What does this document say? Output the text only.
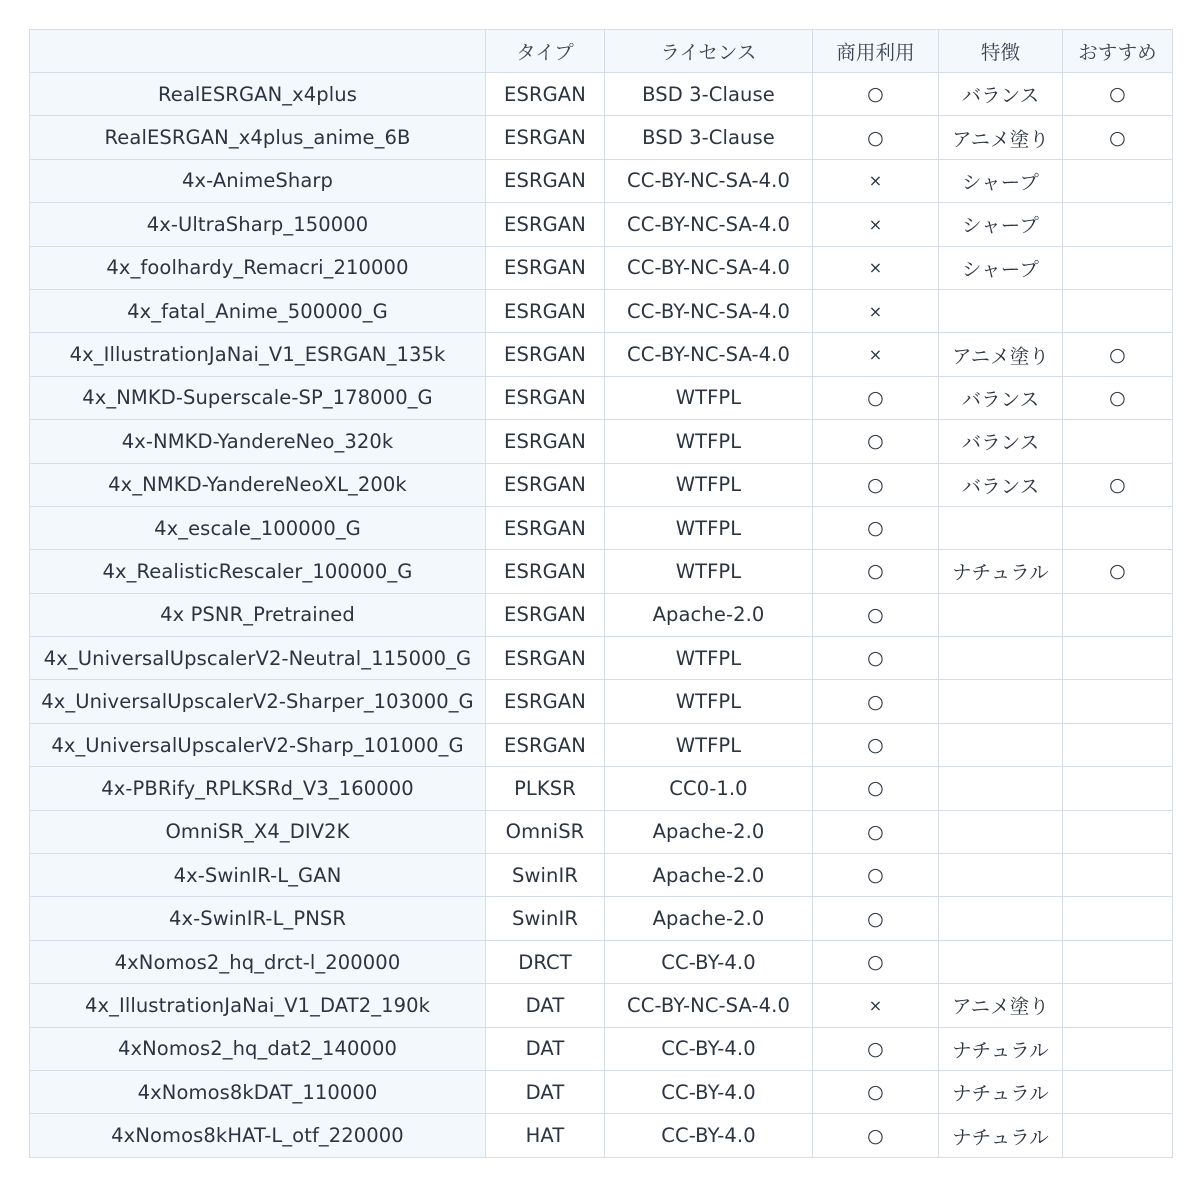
	タイプ	ライセンス	商用利用	特徴	おすすめ
RealESRGAN_x4plus	ESRGAN	BSD 3-Clause	○	バランス	○
RealESRGAN_x4plus_anime_6B	ESRGAN	BSD 3-Clause	○	アニメ塗り	○
4x-AnimeSharp	ESRGAN	CC-BY-NC-SA-4.0	×	シャープ	
4x-UltraSharp_150000	ESRGAN	CC-BY-NC-SA-4.0	×	シャープ	
4x_foolhardy_Remacri_210000	ESRGAN	CC-BY-NC-SA-4.0	×	シャープ	
4x_fatal_Anime_500000_G	ESRGAN	CC-BY-NC-SA-4.0	×		
4x_IllustrationJaNai_V1_ESRGAN_135k	ESRGAN	CC-BY-NC-SA-4.0	×	アニメ塗り	○
4x_NMKD-Superscale-SP_178000_G	ESRGAN	WTFPL	○	バランス	○
4x-NMKD-YandereNeo_320k	ESRGAN	WTFPL	○	バランス	
4x_NMKD-YandereNeoXL_200k	ESRGAN	WTFPL	○	バランス	○
4x_escale_100000_G	ESRGAN	WTFPL	○		
4x_RealisticRescaler_100000_G	ESRGAN	WTFPL	○	ナチュラル	○
4x PSNR_Pretrained	ESRGAN	Apache-2.0	○		
4x_UniversalUpscalerV2-Neutral_115000_G	ESRGAN	WTFPL	○		
4x_UniversalUpscalerV2-Sharper_103000_G	ESRGAN	WTFPL	○		
4x_UniversalUpscalerV2-Sharp_101000_G	ESRGAN	WTFPL	○		
4x-PBRify_RPLKSRd_V3_160000	PLKSR	CC0-1.0	○		
OmniSR_X4_DIV2K	OmniSR	Apache-2.0	○		
4x-SwinIR-L_GAN	SwinIR	Apache-2.0	○		
4x-SwinIR-L_PNSR	SwinIR	Apache-2.0	○		
4xNomos2_hq_drct-l_200000	DRCT	CC-BY-4.0	○		
4x_IllustrationJaNai_V1_DAT2_190k	DAT	CC-BY-NC-SA-4.0	×	アニメ塗り	
4xNomos2_hq_dat2_140000	DAT	CC-BY-4.0	○	ナチュラル	
4xNomos8kDAT_110000	DAT	CC-BY-4.0	○	ナチュラル	
4xNomos8kHAT-L_otf_220000	HAT	CC-BY-4.0	○	ナチュラル	
